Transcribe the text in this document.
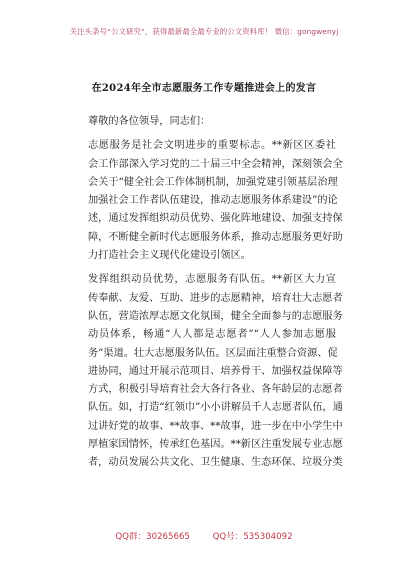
关注头条号“公文研究”，获得最新最全最专业的公文资料库！ 微信：gongwenyj
在2024年全市志愿服务工作专题推进会上的发言

尊敬的各位领导，同志们：

志愿服务是社会文明进步的重要标志。**新区区委社
会工作部深入学习党的二十届三中全会精神，深刻领会全
会关于“健全社会工作体制机制，加强党建引领基层治理
加强社会工作者队伍建设，推动志愿服务体系建设”的论
述，通过发挥组织动员优势、强化阵地建设、加强支持保
障，不断健全新时代志愿服务体系，推动志愿服务更好助
力打造社会主义现代化建设引领区。

发挥组织动员优势，志愿服务有队伍。**新区大力宣
传奉献、友爱、互助、进步的志愿精神，培育壮大志愿者
队伍，营造浓厚志愿文化氛围，健全全面参与的志愿服务
动员体系，畅通“人人都是志愿者”“人人参加志愿服
务”渠道。壮大志愿服务队伍。区层面注重整合资源、促
进协同，通过开展示范项目、培养骨干、加强权益保障等
方式，积极引导培育社会大各行各业、各年龄层的志愿者
队伍。如，打造“红领巾”小小讲解员千人志愿者队伍，通
过讲好党的故事、**故事、**故事，进一步在中小学生中
厚植家国情怀，传承红色基因。**新区注重发展专业志愿
者，动员发展公共文化、卫生健康、生态环保、垃圾分类

QQ群：30265665	QQ号：535304092
